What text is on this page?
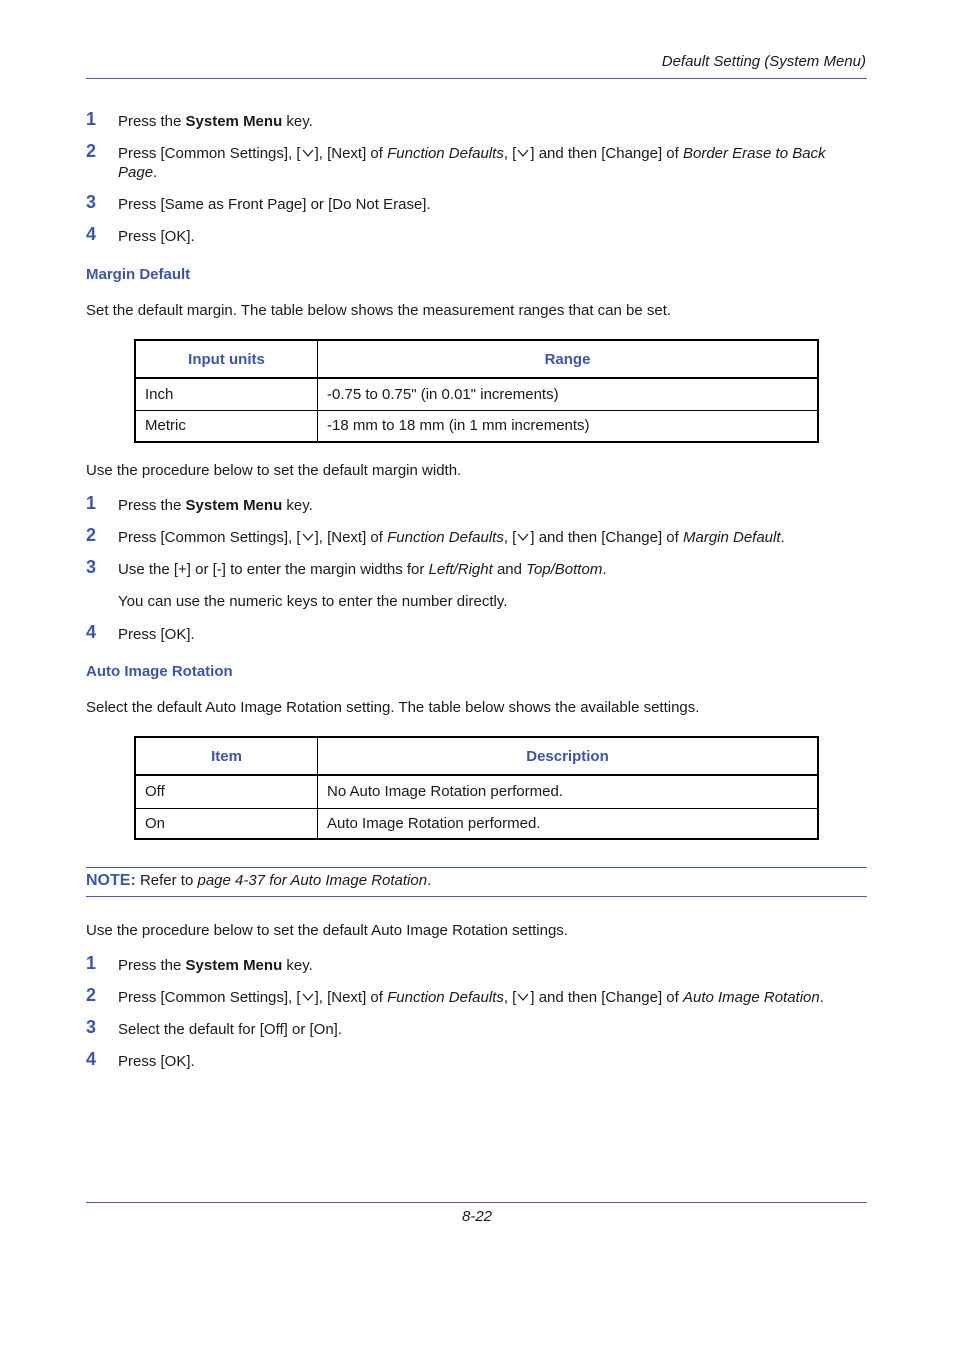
Default Setting (System Menu)
1 Press the System Menu key.
2 Press [Common Settings], [ ], [Next] of Function Defaults, [ ] and then [Change] of Border Erase to Back Page.
3 Press [Same as Front Page] or [Do Not Erase].
4 Press [OK].
Margin Default
Set the default margin. The table below shows the measurement ranges that can be set.
Input units	Range
Inch	-0.75 to 0.75" (in 0.01" increments)
Metric	-18 mm to 18 mm (in 1 mm increments)
Use the procedure below to set the default margin width.
1 Press the System Menu key.
2 Press [Common Settings], [ ], [Next] of Function Defaults, [ ] and then [Change] of Margin Default.
3 Use the [+] or [-] to enter the margin widths for Left/Right and Top/Bottom.
You can use the numeric keys to enter the number directly.
4 Press [OK].
Auto Image Rotation
Select the default Auto Image Rotation setting. The table below shows the available settings.
Item	Description
Off	No Auto Image Rotation performed.
On	Auto Image Rotation performed.
NOTE: Refer to page 4-37 for Auto Image Rotation.
Use the procedure below to set the default Auto Image Rotation settings.
1 Press the System Menu key.
2 Press [Common Settings], [ ], [Next] of Function Defaults, [ ] and then [Change] of Auto Image Rotation.
3 Select the default for [Off] or [On].
4 Press [OK].
8-22
